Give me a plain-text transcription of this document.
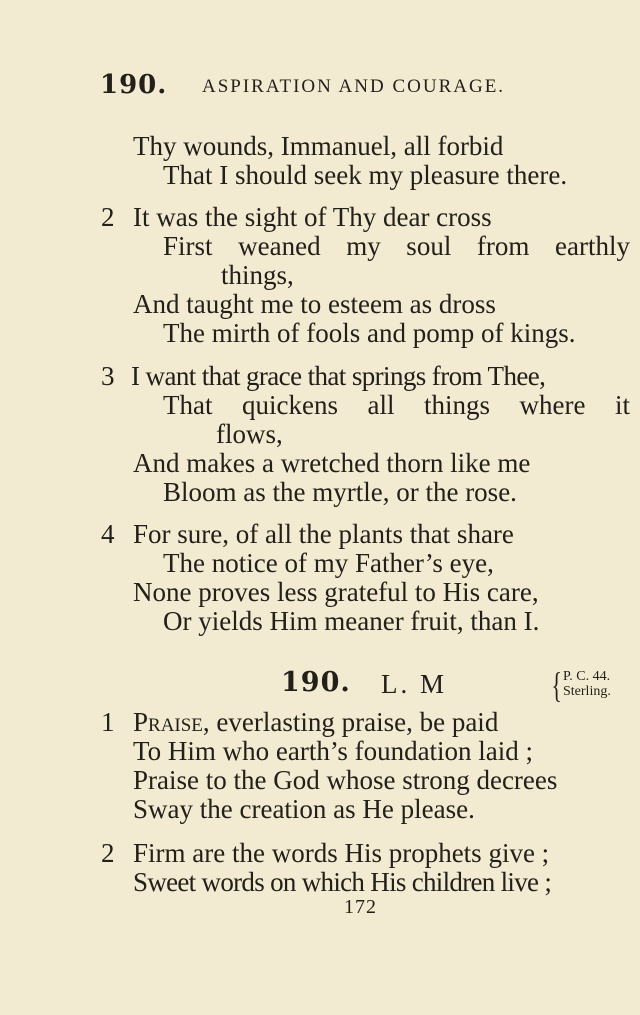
190. ASPIRATION AND COURAGE.
Thy wounds, Immanuel, all forbid
That I should seek my pleasure there.
2 It was the sight of Thy dear cross
First weaned my soul from earthly
things,
And taught me to esteem as dross
The mirth of fools and pomp of kings.
3 I want that grace that springs from Thee,
That quickens all things where it
flows,
And makes a wretched thorn like me
Bloom as the myrtle, or the rose.
4 For sure, of all the plants that share
The notice of my Father’s eye,
None proves less grateful to His care,
Or yields Him meaner fruit, than I.
190. L. M	{ P. C. 44.
Sterling.
1 Praise, everlasting praise, be paid
To Him who earth’s foundation laid ;
Praise to the God whose strong decrees
Sway the creation as He please.
2 Firm are the words His prophets give ;
Sweet words on which His children live ;
172
